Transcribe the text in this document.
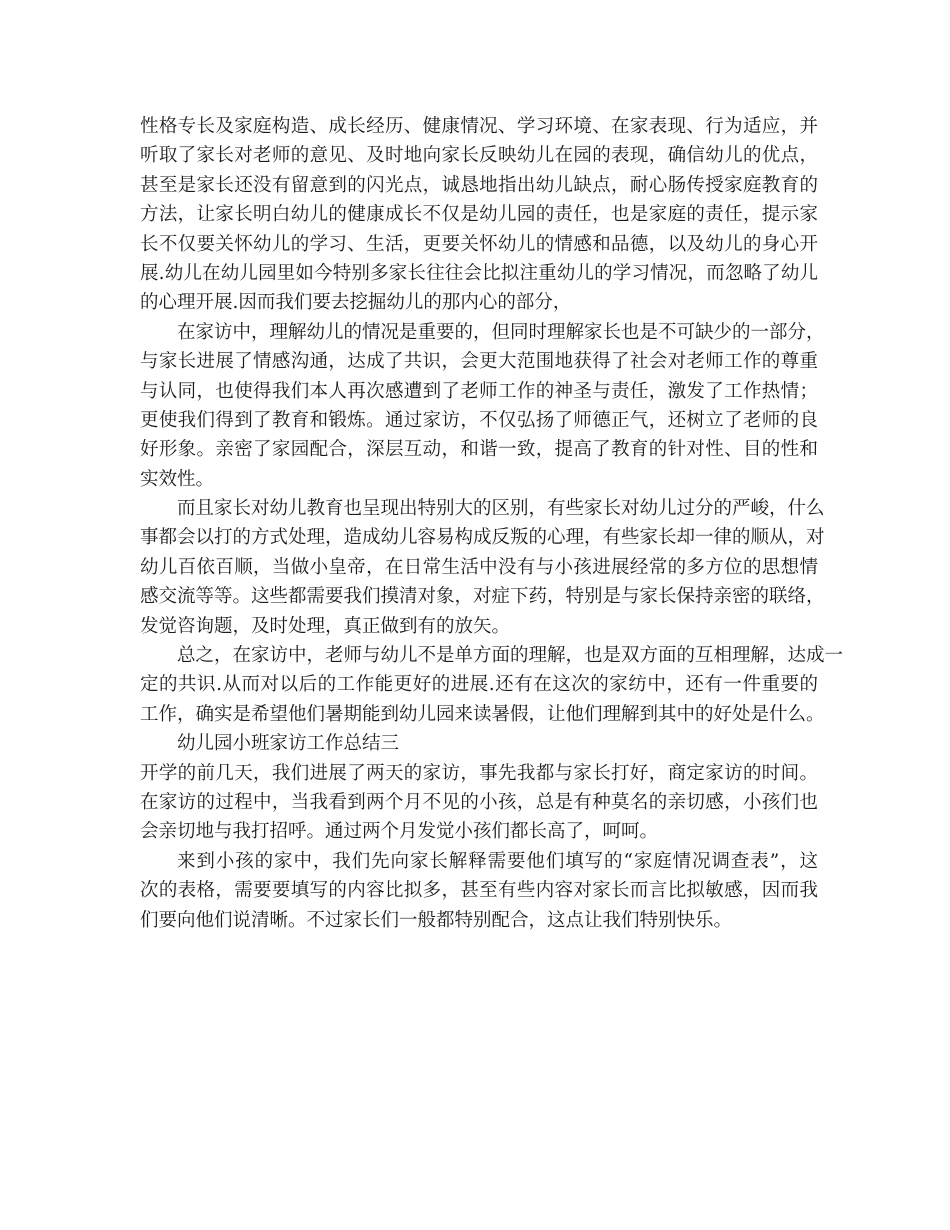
性格专长及家庭构造、成长经历、健康情况、学习环境、在家表现、行为适应，并
听取了家长对老师的意见、及时地向家长反映幼儿在园的表现，确信幼儿的优点，
甚至是家长还没有留意到的闪光点，诚恳地指出幼儿缺点，耐心肠传授家庭教育的
方法，让家长明白幼儿的健康成长不仅是幼儿园的责任，也是家庭的责任，提示家
长不仅要关怀幼儿的学习、生活，更要关怀幼儿的情感和品德，以及幼儿的身心开
展.幼儿在幼儿园里如今特别多家长往往会比拟注重幼儿的学习情况，而忽略了幼儿
的心理开展.因而我们要去挖掘幼儿的那内心的部分，
在家访中，理解幼儿的情况是重要的，但同时理解家长也是不可缺少的一部分，
与家长进展了情感沟通，达成了共识，会更大范围地获得了社会对老师工作的尊重
与认同，也使得我们本人再次感遭到了老师工作的神圣与责任，激发了工作热情；
更使我们得到了教育和锻炼。通过家访，不仅弘扬了师德正气，还树立了老师的良
好形象。亲密了家园配合，深层互动，和谐一致，提高了教育的针对性、目的性和
实效性。
而且家长对幼儿教育也呈现出特别大的区别，有些家长对幼儿过分的严峻，什么
事都会以打的方式处理，造成幼儿容易构成反叛的心理，有些家长却一律的顺从，对
幼儿百依百顺，当做小皇帝，在日常生活中没有与小孩进展经常的多方位的思想情
感交流等等。这些都需要我们摸清对象，对症下药，特别是与家长保持亲密的联络，
发觉咨询题，及时处理，真正做到有的放矢。
总之，在家访中，老师与幼儿不是单方面的理解，也是双方面的互相理解，达成一
定的共识.从而对以后的工作能更好的进展.还有在这次的家纺中，还有一件重要的
工作，确实是希望他们暑期能到幼儿园来读暑假，让他们理解到其中的好处是什么。
幼儿园小班家访工作总结三
开学的前几天，我们进展了两天的家访，事先我都与家长打好，商定家访的时间。
在家访的过程中，当我看到两个月不见的小孩，总是有种莫名的亲切感，小孩们也
会亲切地与我打招呼。通过两个月发觉小孩们都长高了，呵呵。
来到小孩的家中，我们先向家长解释需要他们填写的“家庭情况调查表”，这
次的表格，需要要填写的内容比拟多，甚至有些内容对家长而言比拟敏感，因而我
们要向他们说清晰。不过家长们一般都特别配合，这点让我们特别快乐。
